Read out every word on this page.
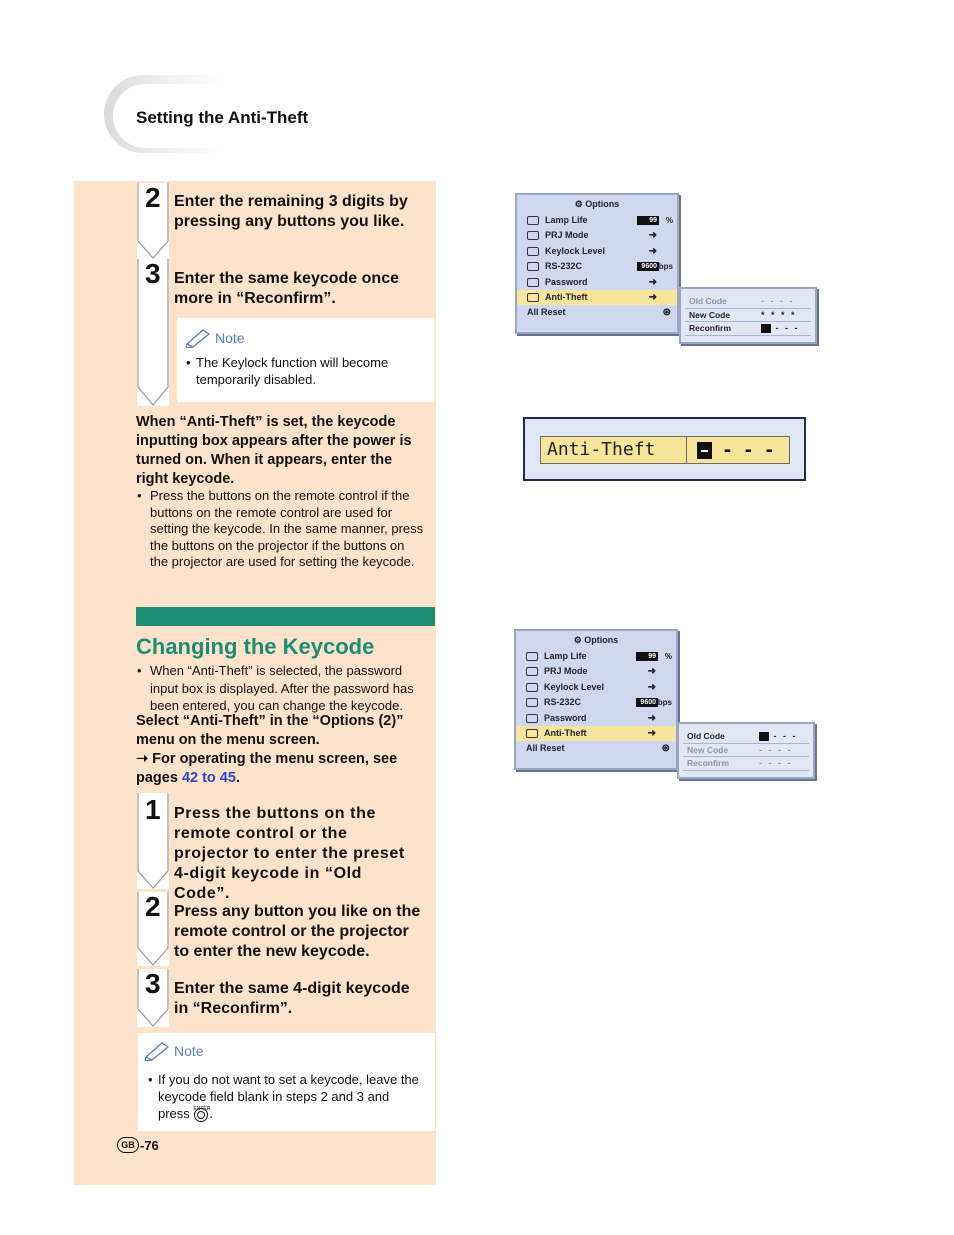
Setting the Anti-Theft
2 Enter the remaining 3 digits by pressing any buttons you like.
3 Enter the same keycode once more in “Reconfirm”.
Note
• The Keylock function will become temporarily disabled.
When “Anti-Theft” is set, the keycode inputting box appears after the power is turned on. When it appears, enter the right keycode.
• Press the buttons on the remote control if the buttons on the remote control are used for setting the keycode. In the same manner, press the buttons on the projector if the buttons on the projector are used for setting the keycode.
Changing the Keycode
• When “Anti-Theft” is selected, the password input box is displayed. After the password has been entered, you can change the keycode.
Select “Anti-Theft” in the “Options (2)” menu on the menu screen.
➝ For operating the menu screen, see pages 42 to 45.
1 Press the buttons on the remote control or the projector to enter the preset 4-digit keycode in “Old Code”.
2 Press any button you like on the remote control or the projector to enter the new keycode.
3 Enter the same 4-digit keycode in “Reconfirm”.
Note
• If you do not want to set a keycode, leave the keycode field blank in steps 2 and 3 and press ENTER .
GB -76
⚙ Options
Lamp Life	99 %
PRJ Mode	➜
Keylock Level	➜
RS-232C	9600 bps
Password	➜
Anti-Theft	➜
All Reset	⊛
Old Code	- - - -
New Code	* * * *
Reconfirm	- - -
Anti-Theft	- - -
⚙ Options
Lamp Life	99 %
PRJ Mode	➜
Keylock Level	➜
RS-232C	9600 bps
Password	➜
Anti-Theft	➜
All Reset	⊛
Old Code	- - -
New Code	- - - -
Reconfirm	- - - -
